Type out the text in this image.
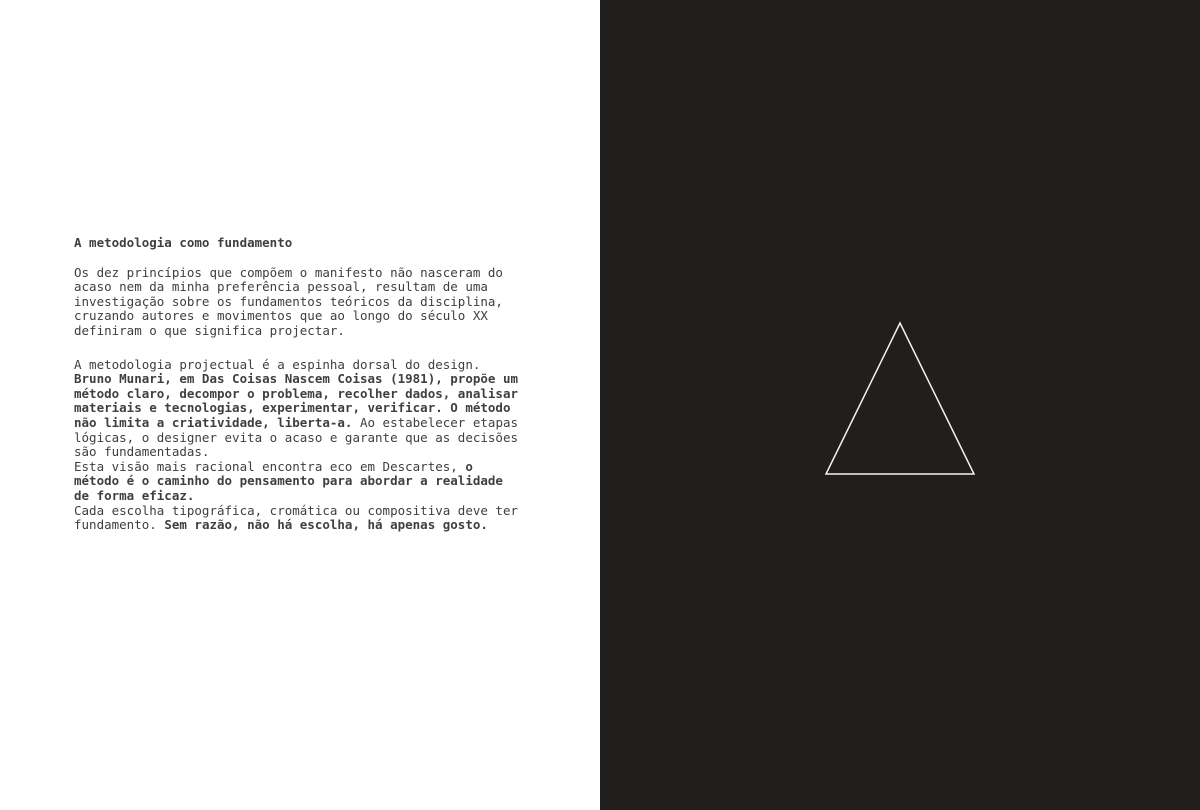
A metodologia como fundamento
Os dez princípios que compõem o manifesto não nasceram do
acaso nem da minha preferência pessoal, resultam de uma
investigação sobre os fundamentos teóricos da disciplina,
cruzando autores e movimentos que ao longo do século XX
definiram o que significa projectar.
A metodologia projectual é a espinha dorsal do design.
Bruno Munari, em Das Coisas Nascem Coisas (1981), propõe um
método claro, decompor o problema, recolher dados, analisar
materiais e tecnologias, experimentar, verificar. O método
não limita a criatividade, liberta-a. Ao estabelecer etapas
lógicas, o designer evita o acaso e garante que as decisões
são fundamentadas.
Esta visão mais racional encontra eco em Descartes, o
método é o caminho do pensamento para abordar a realidade
de forma eficaz.
Cada escolha tipográfica, cromática ou compositiva deve ter
fundamento. Sem razão, não há escolha, há apenas gosto.
